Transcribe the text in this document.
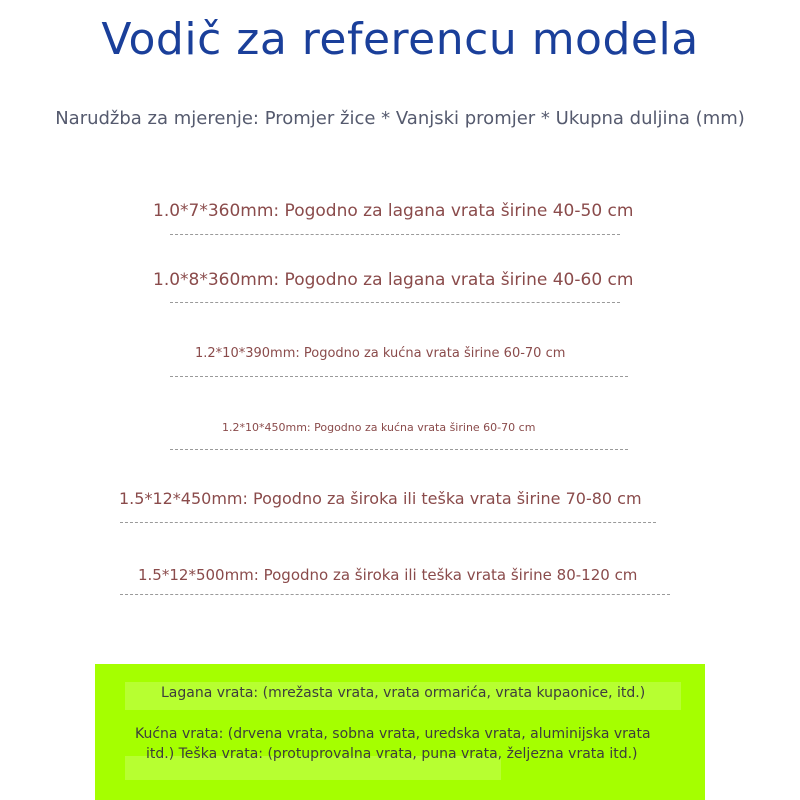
Vodič za referencu modela
Narudžba za mjerenje: Promjer žice * Vanjski promjer * Ukupna duljina (mm)
1.0*7*360mm: Pogodno za lagana vrata širine 40-50 cm
1.0*8*360mm: Pogodno za lagana vrata širine 40-60 cm
1.2*10*390mm: Pogodno za kućna vrata širine 60-70 cm
1.2*10*450mm: Pogodno za kućna vrata širine 60-70 cm
1.5*12*450mm: Pogodno za široka ili teška vrata širine 70-80 cm
1.5*12*500mm: Pogodno za široka ili teška vrata širine 80-120 cm
Lagana vrata: (mrežasta vrata, vrata ormarića, vrata kupaonice, itd.)
Kućna vrata: (drvena vrata, sobna vrata, uredska vrata, aluminijska vrata
itd.) Teška vrata: (protuprovalna vrata, puna vrata, željezna vrata itd.)
